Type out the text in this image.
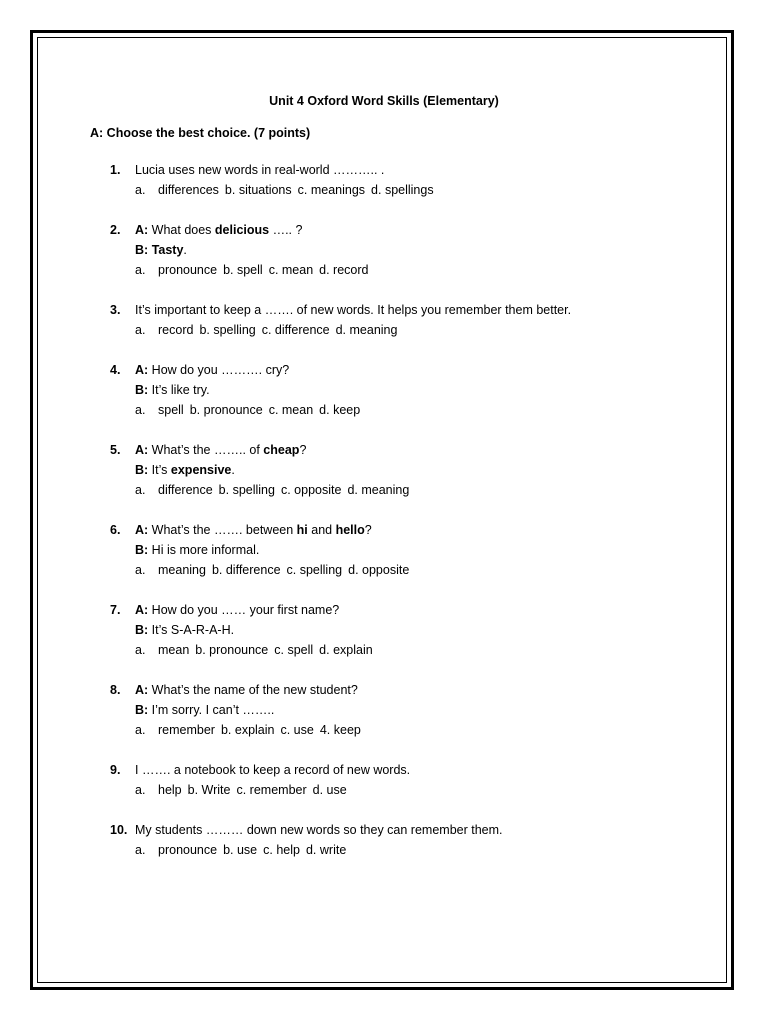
Unit 4 Oxford Word Skills (Elementary)
A: Choose the best choice. (7 points)
1.	Lucia uses new words in real-world ……….. .
a. differences b. situations c. meanings d. spellings
2.	A: What does delicious ….. ?
B: Tasty.
a. pronounce b. spell c. mean d. record
3.	It’s important to keep a ……. of new words. It helps you remember them better.
a. record b. spelling c. difference d. meaning
4.	A: How do you ………. cry?
B: It’s like try.
a. spell b. pronounce c. mean d. keep
5.	A: What’s the …….. of cheap?
B: It’s expensive.
a. difference b. spelling c. opposite d. meaning
6.	A: What’s the ……. between hi and hello?
B: Hi is more informal.
a. meaning b. difference c. spelling d. opposite
7.	A: How do you …… your first name?
B: It’s S-A-R-A-H.
a. mean b. pronounce c. spell d. explain
8.	A: What’s the name of the new student?
B: I’m sorry. I can’t ……..
a. remember b. explain c. use 4. keep
9.	I ……. a notebook to keep a record of new words.
a. help b. Write c. remember d. use
10. My students ……… down new words so they can remember them.
a. pronounce b. use c. help d. write
